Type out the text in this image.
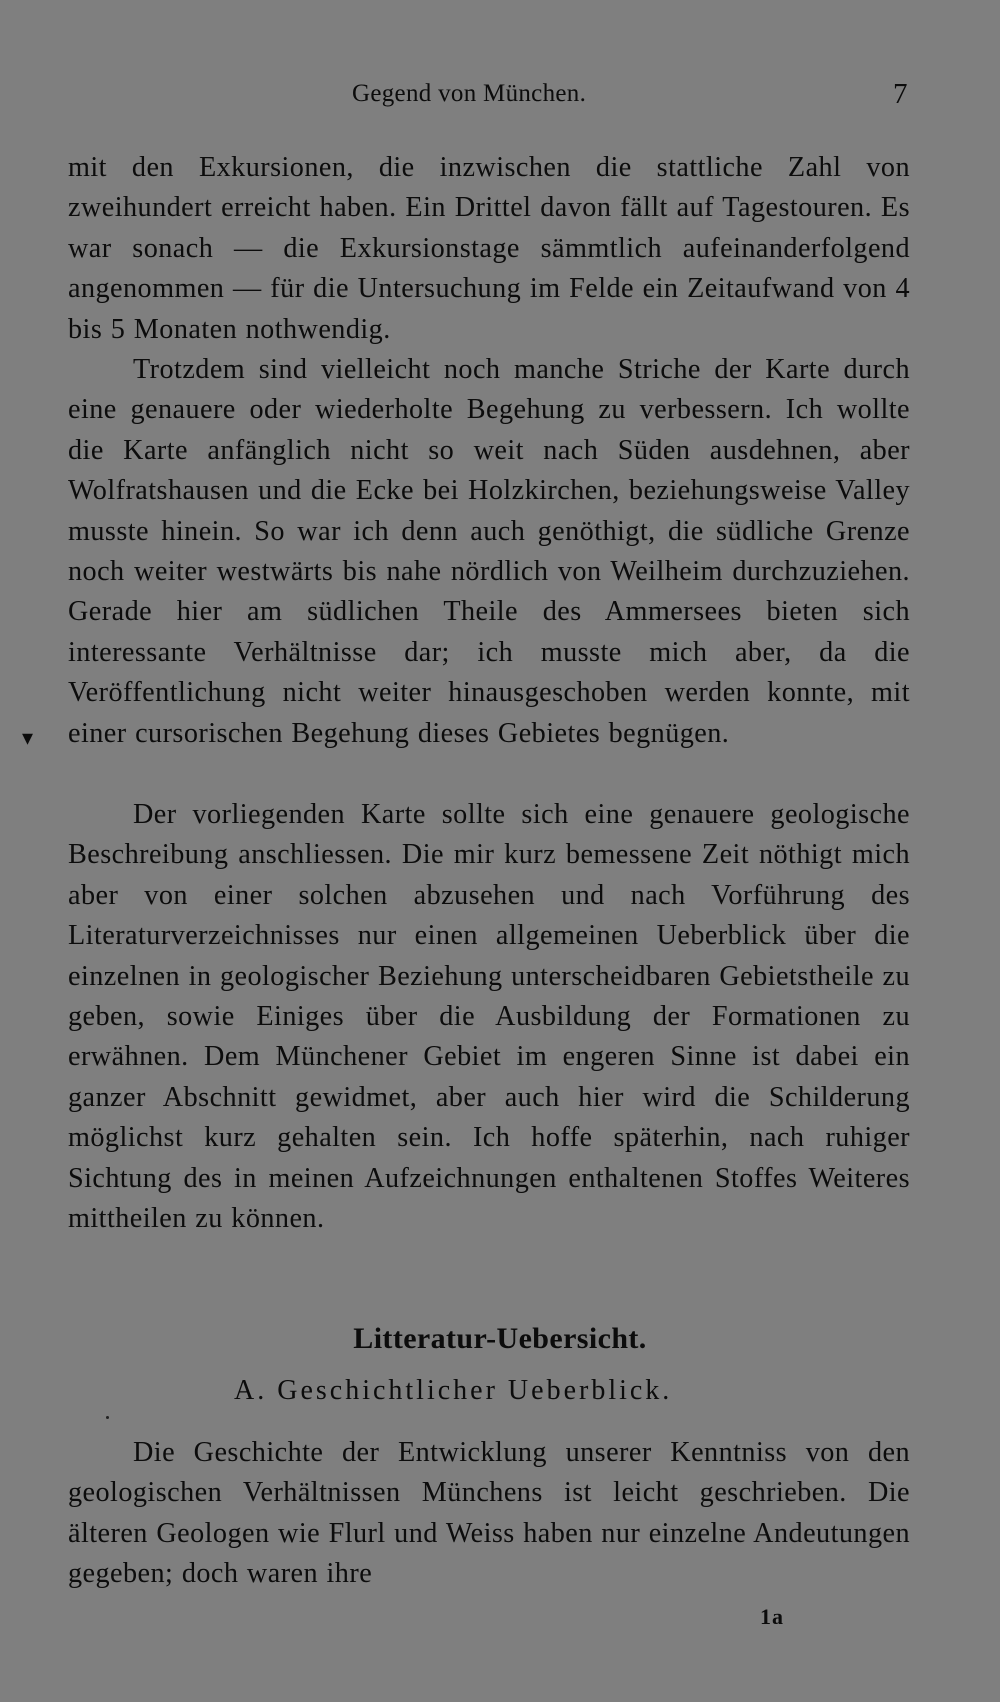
Gegend von München.	7

mit den Exkursionen, die inzwischen die stattliche Zahl von zweihundert erreicht haben. Ein Drittel davon fällt auf Tagestouren. Es war sonach — die Exkursionstage sämmtlich aufeinanderfolgend angenommen — für die Untersuchung im Felde ein Zeitaufwand von 4 bis 5 Monaten nothwendig.

Trotzdem sind vielleicht noch manche Striche der Karte durch eine genauere oder wiederholte Begehung zu verbessern. Ich wollte die Karte anfänglich nicht so weit nach Süden ausdehnen, aber Wolfratshausen und die Ecke bei Holzkirchen, beziehungsweise Valley musste hinein. So war ich denn auch genöthigt, die südliche Grenze noch weiter westwärts bis nahe nördlich von Weilheim durchzuziehen. Gerade hier am südlichen Theile des Ammersees bieten sich interessante Verhältnisse dar; ich musste mich aber, da die Veröffentlichung nicht weiter hinausgeschoben werden konnte, mit einer cursorischen Begehung dieses Gebietes begnügen.

Der vorliegenden Karte sollte sich eine genauere geologische Beschreibung anschliessen. Die mir kurz bemessene Zeit nöthigt mich aber von einer solchen abzusehen und nach Vorführung des Literaturverzeichnisses nur einen allgemeinen Ueberblick über die einzelnen in geologischer Beziehung unterscheidbaren Gebietstheile zu geben, sowie Einiges über die Ausbildung der Formationen zu erwähnen. Dem Münchener Gebiet im engeren Sinne ist dabei ein ganzer Abschnitt gewidmet, aber auch hier wird die Schilderung möglichst kurz gehalten sein. Ich hoffe späterhin, nach ruhiger Sichtung des in meinen Aufzeichnungen enthaltenen Stoffes Weiteres mittheilen zu können.

Litteratur-Uebersicht.
A. Geschichtlicher Ueberblick.

Die Geschichte der Entwicklung unserer Kenntniss von den geologischen Verhältnissen Münchens ist leicht geschrieben. Die älteren Geologen wie Flurl und Weiss haben nur einzelne Andeutungen gegeben; doch waren ihre

1a
▾
